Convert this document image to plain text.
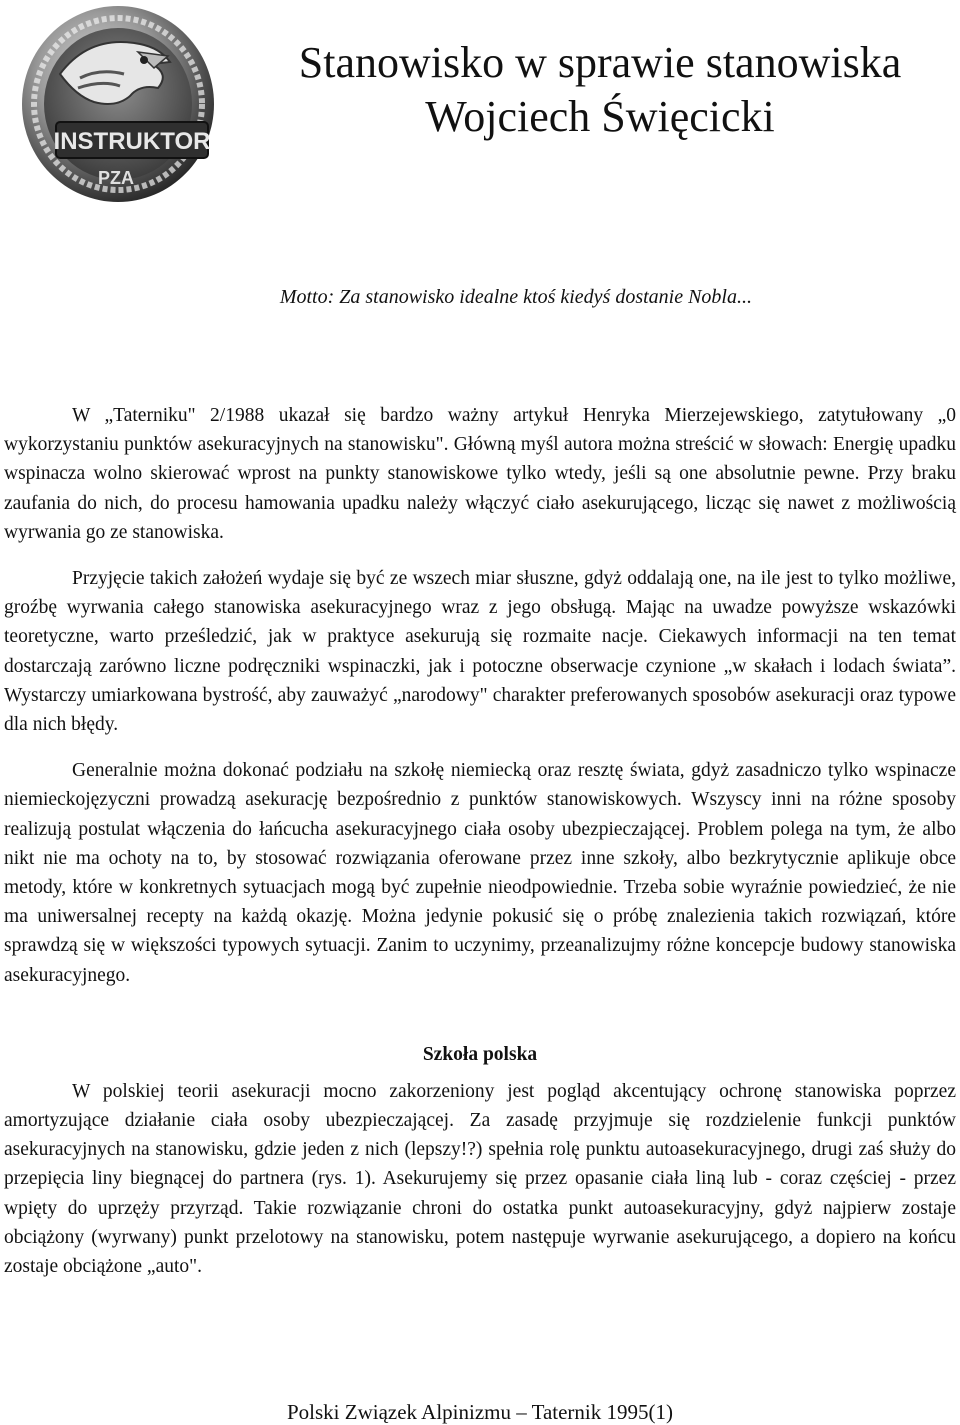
INSTRUKTOR
PZA
Stanowisko w sprawie stanowiska
Wojciech Święcicki
Motto: Za stanowisko idealne ktoś kiedyś dostanie Nobla...

W „Taterniku" 2/1988 ukazał się bardzo ważny artykuł Henryka Mierzejewskiego, zatytułowany „0 wykorzystaniu punktów asekuracyjnych na stanowisku". Główną myśl autora można streścić w słowach: Energię upadku wspinacza wolno skierować wprost na punkty stanowiskowe tylko wtedy, jeśli są one absolutnie pewne. Przy braku zaufania do nich, do procesu hamowania upadku należy włączyć ciało asekurującego, licząc się nawet z możliwością wyrwania go ze stanowiska.

Przyjęcie takich założeń wydaje się być ze wszech miar słuszne, gdyż oddalają one, na ile jest to tylko możliwe, groźbę wyrwania całego stanowiska asekuracyjnego wraz z jego obsługą. Mając na uwadze powyższe wskazówki teoretyczne, warto prześledzić, jak w praktyce asekurują się rozmaite nacje. Ciekawych informacji na ten temat dostarczają zarówno liczne podręczniki wspinaczki, jak i potoczne obserwacje czynione „w skałach i lodach świata”. Wystarczy umiarkowana bystrość, aby zauważyć „narodowy" charakter preferowanych sposobów asekuracji oraz typowe dla nich błędy.

Generalnie można dokonać podziału na szkołę niemiecką oraz resztę świata, gdyż zasadniczo tylko wspinacze niemieckojęzyczni prowadzą asekurację bezpośrednio z punktów stanowiskowych. Wszyscy inni na różne sposoby realizują postulat włączenia do łańcucha asekuracyjnego ciała osoby ubezpieczającej. Problem polega na tym, że albo nikt nie ma ochoty na to, by stosować rozwiązania oferowane przez inne szkoły, albo bezkrytycznie aplikuje obce metody, które w konkretnych sytuacjach mogą być zupełnie nieodpowiednie. Trzeba sobie wyraźnie powiedzieć, że nie ma uniwersalnej recepty na każdą okazję. Można jedynie pokusić się o próbę znalezienia takich rozwiązań, które sprawdzą się w większości typowych sytuacji. Zanim to uczynimy, przeanalizujmy różne koncepcje budowy stanowiska asekuracyjnego.

Szkoła polska

W polskiej teorii asekuracji mocno zakorzeniony jest pogląd akcentujący ochronę stanowiska poprzez amortyzujące działanie ciała osoby ubezpieczającej. Za zasadę przyjmuje się rozdzielenie funkcji punktów asekuracyjnych na stanowisku, gdzie jeden z nich (lepszy!?) spełnia rolę punktu autoasekuracyjnego, drugi zaś służy do przepięcia liny biegnącej do partnera (rys. 1). Asekurujemy się przez opasanie ciała liną lub - coraz częściej - przez wpięty do uprzęży przyrząd. Takie rozwiązanie chroni do ostatka punkt autoasekuracyjny, gdyż najpierw zostaje obciążony (wyrwany) punkt przelotowy na stanowisku, potem następuje wyrwanie asekurującego, a dopiero na końcu zostaje obciążone „auto".

Polski Związek Alpinizmu – Taternik 1995(1)
